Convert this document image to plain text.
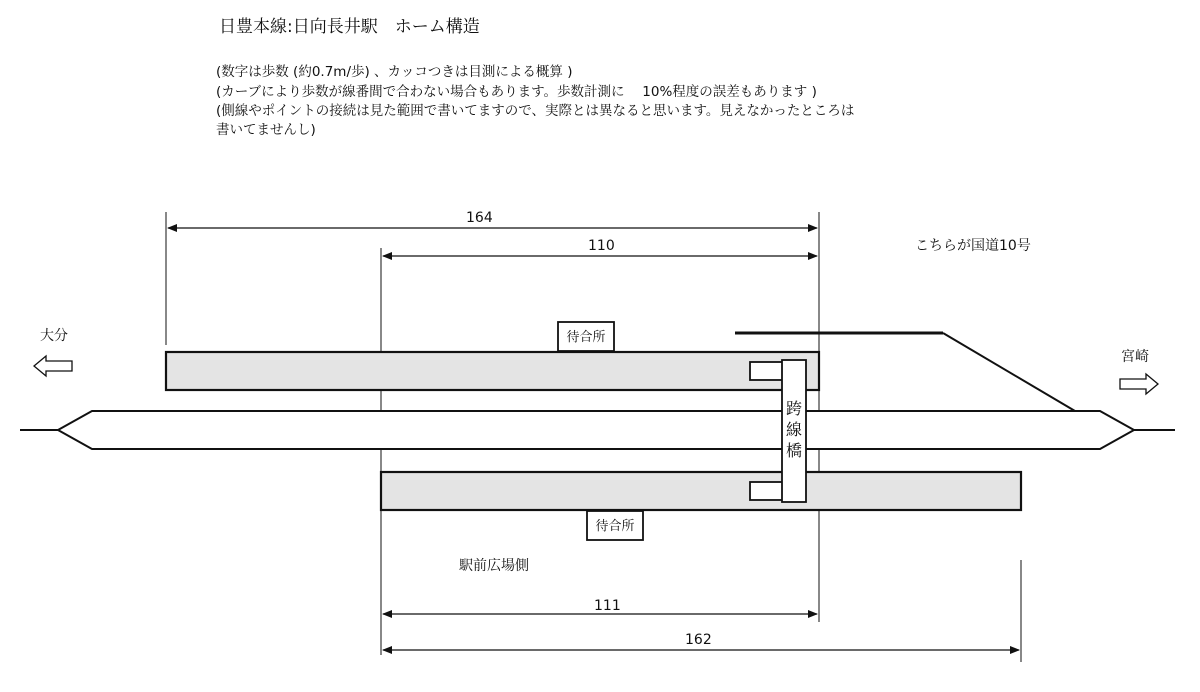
日豊本線:日向長井駅　ホーム構造
(数字は歩数 (約0.7m/歩) 、カッコつきは目測による概算 )
(カーブにより歩数が線番間で合わない場合もあります。歩数計測に　 10%程度の誤差もあります )
(側線やポイントの接続は見た範囲で書いてますので、実際とは異なると思います。見えなかったところは
書いてませんし)
164
110
111
162
跨
線
橋
待合所
待合所
大分
宮崎
こちらが国道10号
駅前広場側
